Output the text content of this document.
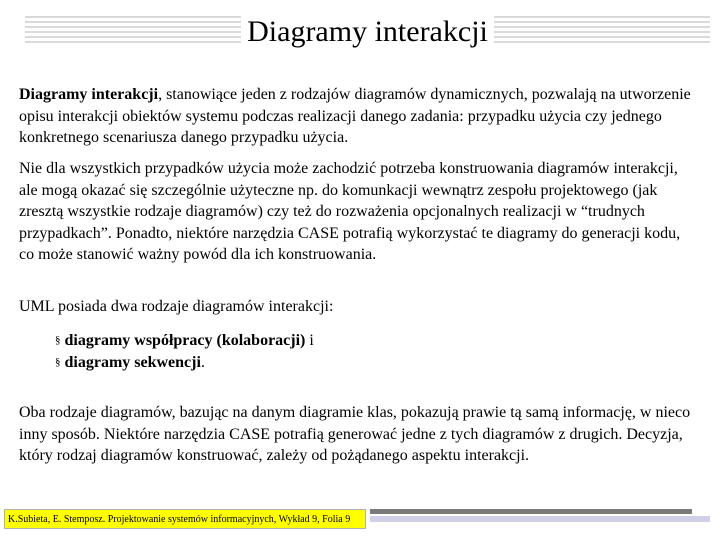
Diagramy interakcji

Diagramy interakcji, stanowiące jeden z rodzajów diagramów dynamicznych, pozwalają na utworzenie opisu interakcji obiektów systemu podczas realizacji danego zadania: przypadku użycia czy jednego konkretnego scenariusza danego przypadku użycia.

Nie dla wszystkich przypadków użycia może zachodzić potrzeba konstruowania diagramów interakcji, ale mogą okazać się szczególnie użyteczne np. do komunkacji wewnątrz zespołu projektowego (jak zresztą wszystkie rodzaje diagramów) czy też do rozważenia opcjonalnych realizacji w “trudnych przypadkach”. Ponadto, niektóre narzędzia CASE potrafią wykorzystać te diagramy do generacji kodu, co może stanowić ważny powód dla ich konstruowania.

UML posiada dwa rodzaje diagramów interakcji:

§ diagramy współpracy (kolaboracji) i
§ diagramy sekwencji.

Oba rodzaje diagramów, bazując na danym diagramie klas, pokazują prawie tą samą informację, w nieco inny sposób. Niektóre narzędzia CASE potrafią generować jedne z tych diagramów z drugich. Decyzja, który rodzaj diagramów konstruować, zależy od pożądanego aspektu interakcji.

K.Subieta, E. Stemposz. Projektowanie systemów informacyjnych, Wykład 9, Folia 9
